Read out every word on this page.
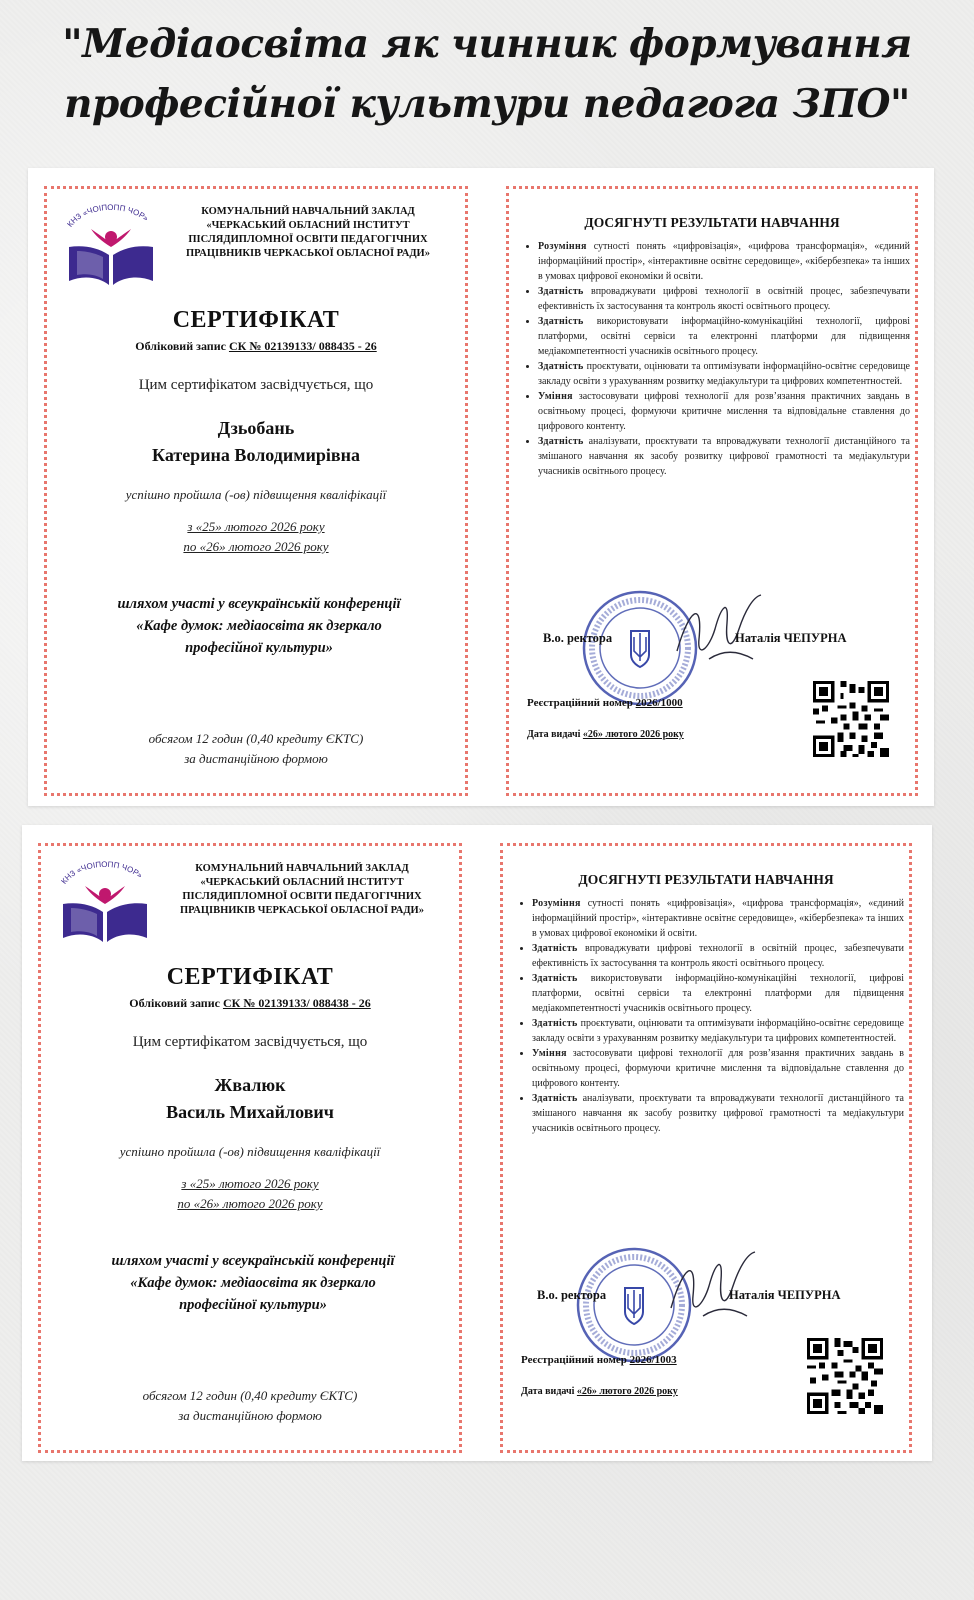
"Медіаосвіта як чинник формування
професійної культури педагога ЗПО"
КНЗ «ЧОІПОПП ЧОР»
КОМУНАЛЬНИЙ НАВЧАЛЬНИЙ ЗАКЛАД
«ЧЕРКАСЬКИЙ ОБЛАСНИЙ ІНСТИТУТ
ПІСЛЯДИПЛОМНОЇ ОСВІТИ ПЕДАГОГІЧНИХ
ПРАЦІВНИКІВ ЧЕРКАСЬКОЇ ОБЛАСНОЇ РАДИ»
СЕРТИФІКАТ
Обліковий запис СК № 02139133/ 088435 - 26
Цим сертифікатом засвідчується, що
Дзьобань
Катерина Володимирівна
успішно пройшла (-ов) підвищення кваліфікації
з «25» лютого 2026 року
по «26» лютого 2026 року
шляхом участі у всеукраїнській конференції
«Кафе думок: медіаосвіта як дзеркало
професійної культури»
обсягом 12 годин (0,40 кредиту ЄКТС)
за дистанційною формою
ДОСЯГНУТІ РЕЗУЛЬТАТИ НАВЧАННЯ
• Розуміння сутності понять «цифровізація», «цифрова трансформація», «єдиний інформаційний простір», «інтерактивне освітнє середовище», «кібербезпека» та інших в умовах цифрової економіки й освіти.
• Здатність впроваджувати цифрові технології в освітній процес, забезпечувати ефективність їх застосування та контроль якості освітнього процесу.
• Здатність використовувати інформаційно-комунікаційні технології, цифрові платформи, освітні сервіси та електронні платформи для підвищення медіакомпетентності учасників освітнього процесу.
• Здатність проєктувати, оцінювати та оптимізувати інформаційно-освітнє середовище закладу освіти з урахуванням розвитку медіакультури та цифрових компетентностей.
• Уміння застосовувати цифрові технології для розв’язання практичних завдань в освітньому процесі, формуючи критичне мислення та відповідальне ставлення до цифрового контенту.
• Здатність аналізувати, проєктувати та впроваджувати технології дистанційного та змішаного навчання як засобу розвитку цифрової грамотності та медіакультури учасників освітнього процесу.
В.о. ректора	Наталія ЧЕПУРНА
Реєстраційний номер 2026/1000
Дата видачі «26» лютого 2026 року
КНЗ «ЧОІПОПП ЧОР»
КОМУНАЛЬНИЙ НАВЧАЛЬНИЙ ЗАКЛАД
«ЧЕРКАСЬКИЙ ОБЛАСНИЙ ІНСТИТУТ
ПІСЛЯДИПЛОМНОЇ ОСВІТИ ПЕДАГОГІЧНИХ
ПРАЦІВНИКІВ ЧЕРКАСЬКОЇ ОБЛАСНОЇ РАДИ»
СЕРТИФІКАТ
Обліковий запис СК № 02139133/ 088438 - 26
Цим сертифікатом засвідчується, що
Жвалюк
Василь Михайлович
успішно пройшла (-ов) підвищення кваліфікації
з «25» лютого 2026 року
по «26» лютого 2026 року
шляхом участі у всеукраїнській конференції
«Кафе думок: медіаосвіта як дзеркало
професійної культури»
обсягом 12 годин (0,40 кредиту ЄКТС)
за дистанційною формою
ДОСЯГНУТІ РЕЗУЛЬТАТИ НАВЧАННЯ
• Розуміння сутності понять «цифровізація», «цифрова трансформація», «єдиний інформаційний простір», «інтерактивне освітнє середовище», «кібербезпека» та інших в умовах цифрової економіки й освіти.
• Здатність впроваджувати цифрові технології в освітній процес, забезпечувати ефективність їх застосування та контроль якості освітнього процесу.
• Здатність використовувати інформаційно-комунікаційні технології, цифрові платформи, освітні сервіси та електронні платформи для підвищення медіакомпетентності учасників освітнього процесу.
• Здатність проєктувати, оцінювати та оптимізувати інформаційно-освітнє середовище закладу освіти з урахуванням розвитку медіакультури та цифрових компетентностей.
• Уміння застосовувати цифрові технології для розв’язання практичних завдань в освітньому процесі, формуючи критичне мислення та відповідальне ставлення до цифрового контенту.
• Здатність аналізувати, проєктувати та впроваджувати технології дистанційного та змішаного навчання як засобу розвитку цифрової грамотності та медіакультури учасників освітнього процесу.
В.о. ректора	Наталія ЧЕПУРНА
Реєстраційний номер 2026/1003
Дата видачі «26» лютого 2026 року
